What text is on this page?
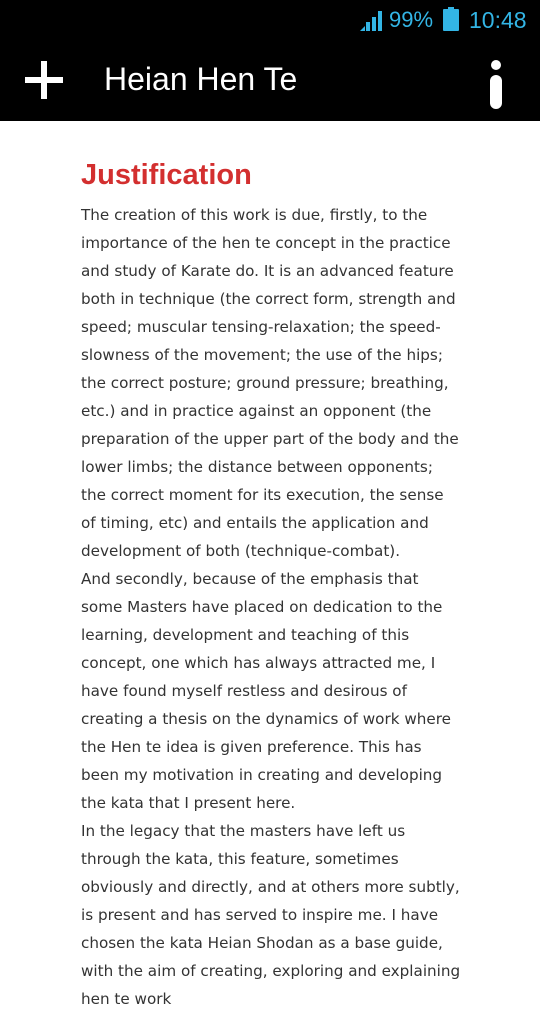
99% 10:48
Heian Hen Te
Justification

The creation of this work is due, firstly, to the importance of the hen te concept in the practice and study of Karate do. It is an advanced feature both in technique (the correct form, strength and speed; muscular tensing-relaxation; the speed-slowness of the movement; the use of the hips; the correct posture; ground pressure; breathing, etc.) and in practice against an opponent (the preparation of the upper part of the body and the lower limbs; the distance between opponents; the correct moment for its execution, the sense of timing, etc) and entails the application and development of both (technique-combat).

And secondly, because of the emphasis that some Masters have placed on dedication to the learning, development and teaching of this concept, one which has always attracted me, I have found myself restless and desirous of creating a thesis on the dynamics of work where the Hen te idea is given preference. This has been my motivation in creating and developing the kata that I present here.

In the legacy that the masters have left us through the kata, this feature, sometimes obviously and directly, and at others more subtly, is present and has served to inspire me. I have chosen the kata Heian Shodan as a base guide, with the aim of creating, exploring and explaining hen te work
